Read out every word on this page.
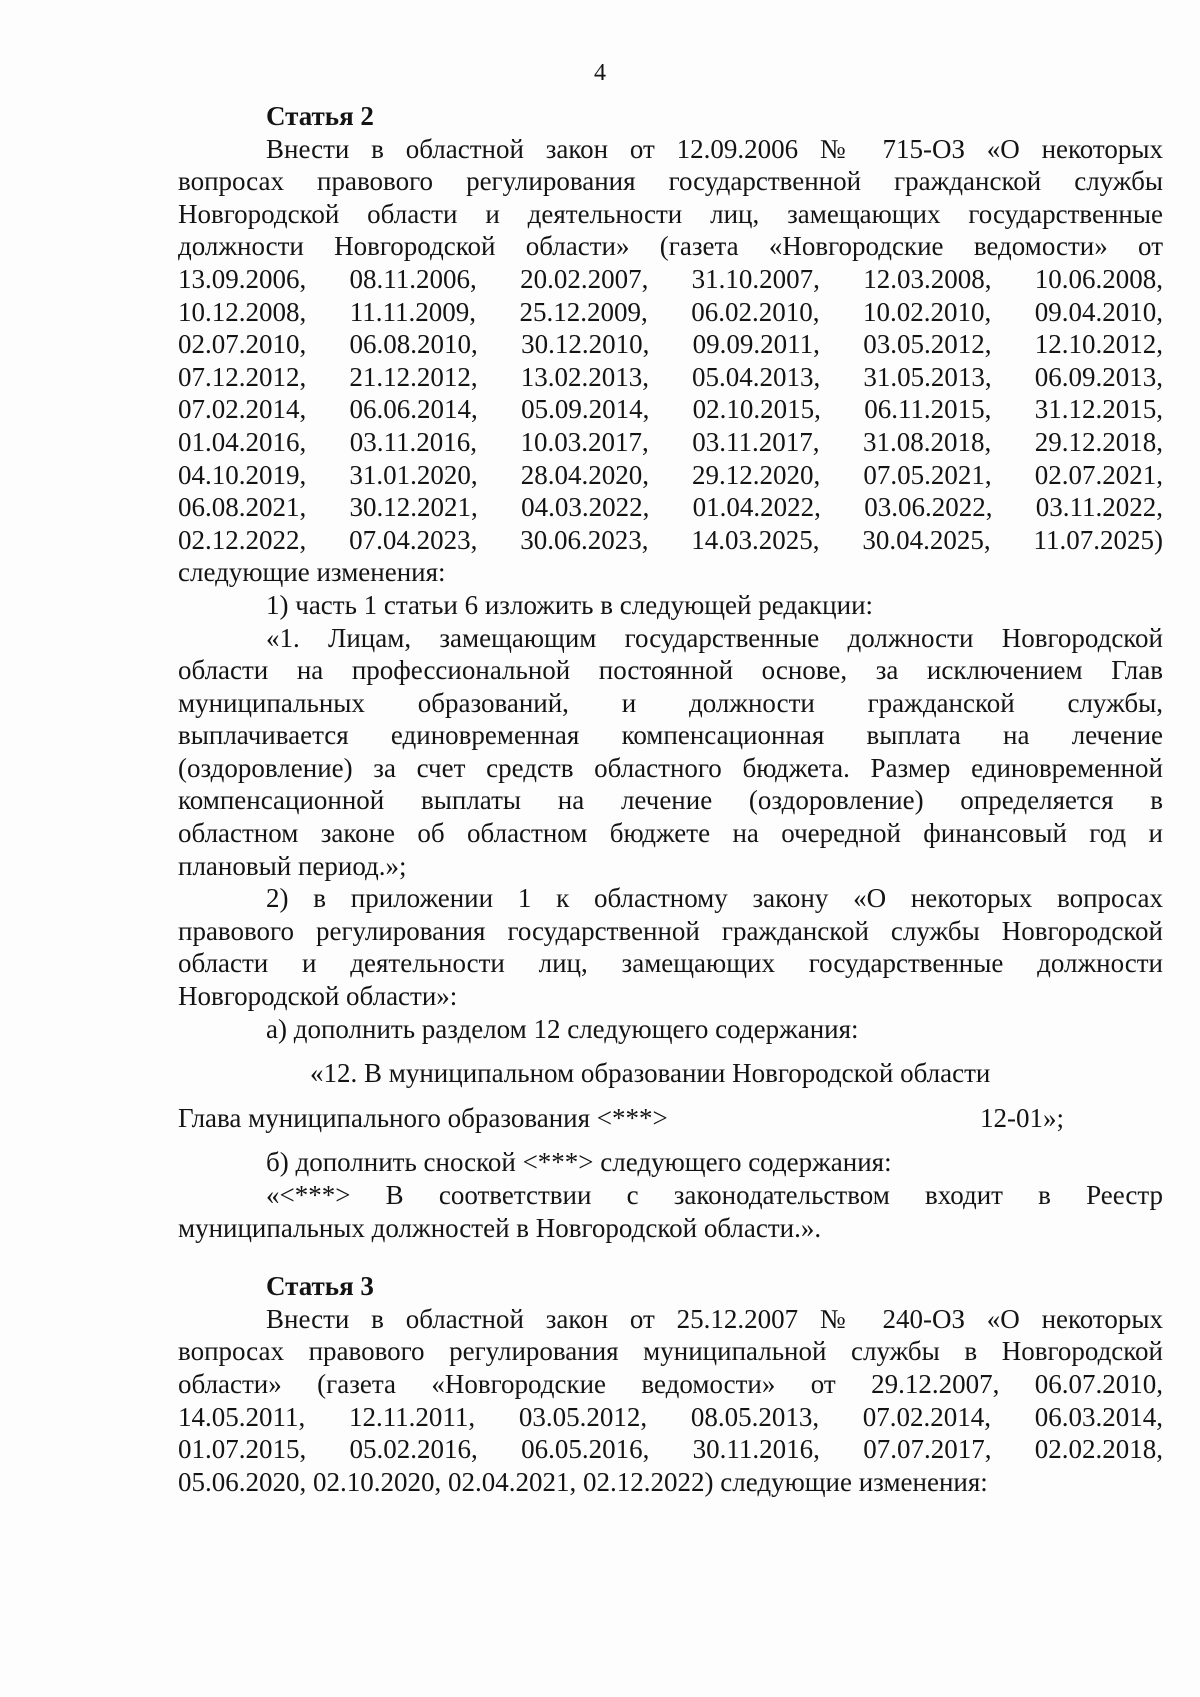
4
Статья 2
Внести в областной закон от 12.09.2006 № 715-ОЗ «О некоторых
вопросах правового регулирования государственной гражданской службы
Новгородской области и деятельности лиц, замещающих государственные
должности Новгородской области» (газета «Новгородские ведомости» от
13.09.2006, 08.11.2006, 20.02.2007, 31.10.2007, 12.03.2008, 10.06.2008,
10.12.2008, 11.11.2009, 25.12.2009, 06.02.2010, 10.02.2010, 09.04.2010,
02.07.2010, 06.08.2010, 30.12.2010, 09.09.2011, 03.05.2012, 12.10.2012,
07.12.2012, 21.12.2012, 13.02.2013, 05.04.2013, 31.05.2013, 06.09.2013,
07.02.2014, 06.06.2014, 05.09.2014, 02.10.2015, 06.11.2015, 31.12.2015,
01.04.2016, 03.11.2016, 10.03.2017, 03.11.2017, 31.08.2018, 29.12.2018,
04.10.2019, 31.01.2020, 28.04.2020, 29.12.2020, 07.05.2021, 02.07.2021,
06.08.2021, 30.12.2021, 04.03.2022, 01.04.2022, 03.06.2022, 03.11.2022,
02.12.2022, 07.04.2023, 30.06.2023, 14.03.2025, 30.04.2025, 11.07.2025)
следующие изменения:
1) часть 1 статьи 6 изложить в следующей редакции:
«1. Лицам, замещающим государственные должности Новгородской
области на профессиональной постоянной основе, за исключением Глав
муниципальных образований, и должности гражданской службы,
выплачивается единовременная компенсационная выплата на лечение
(оздоровление) за счет средств областного бюджета. Размер единовременной
компенсационной выплаты на лечение (оздоровление) определяется в
областном законе об областном бюджете на очередной финансовый год и
плановый период.»;
2) в приложении 1 к областному закону «О некоторых вопросах
правового регулирования государственной гражданской службы Новгородской
области и деятельности лиц, замещающих государственные должности
Новгородской области»:
а) дополнить разделом 12 следующего содержания:
«12. В муниципальном образовании Новгородской области
Глава муниципального образования <***>	12-01»;
б) дополнить сноской <***> следующего содержания:
«<***> В соответствии с законодательством входит в Реестр
муниципальных должностей в Новгородской области.».
Статья 3
Внести в областной закон от 25.12.2007 № 240-ОЗ «О некоторых
вопросах правового регулирования муниципальной службы в Новгородской
области» (газета «Новгородские ведомости» от 29.12.2007, 06.07.2010,
14.05.2011, 12.11.2011, 03.05.2012, 08.05.2013, 07.02.2014, 06.03.2014,
01.07.2015, 05.02.2016, 06.05.2016, 30.11.2016, 07.07.2017, 02.02.2018,
05.06.2020, 02.10.2020, 02.04.2021, 02.12.2022) следующие изменения:
